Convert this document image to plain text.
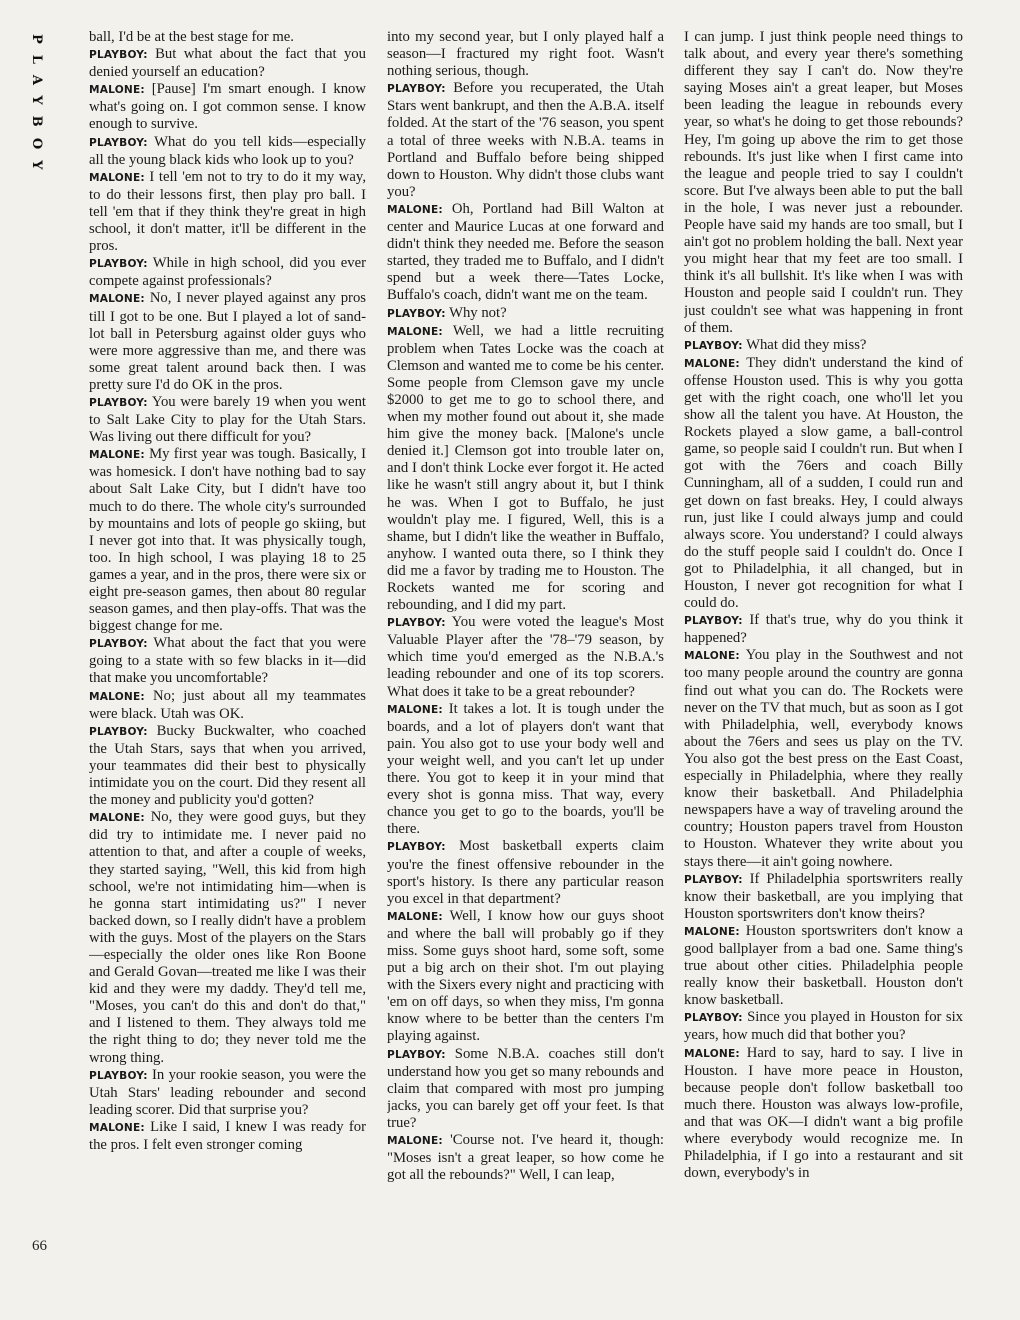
PLAYBOY	ball, I'd be at the best stage for me.

PLAYBOY: But what about the fact that you denied yourself an education?

MALONE: [Pause] I'm smart enough. I know what's going on. I got common sense. I know enough to survive.

PLAYBOY: What do you tell kids—especially all the young black kids who look up to you?

MALONE: I tell 'em not to try to do it my way, to do their lessons first, then play pro ball. I tell 'em that if they think they're great in high school, it don't matter, it'll be different in the pros.

PLAYBOY: While in high school, did you ever compete against professionals?

MALONE: No, I never played against any pros till I got to be one. But I played a lot of sand-lot ball in Petersburg against older guys who were more aggressive than me, and there was some great talent around back then. I was pretty sure I'd do OK in the pros.

PLAYBOY: You were barely 19 when you went to Salt Lake City to play for the Utah Stars. Was living out there difficult for you?

MALONE: My first year was tough. Basically, I was homesick. I don't have nothing bad to say about Salt Lake City, but I didn't have too much to do there. The whole city's surrounded by mountains and lots of people go skiing, but I never got into that. It was physically tough, too. In high school, I was playing 18 to 25 games a year, and in the pros, there were six or eight pre-season games, then about 80 regular season games, and then play-offs. That was the biggest change for me.

PLAYBOY: What about the fact that you were going to a state with so few blacks in it—did that make you uncomfortable?

MALONE: No; just about all my teammates were black. Utah was OK.

PLAYBOY: Bucky Buckwalter, who coached the Utah Stars, says that when you arrived, your teammates did their best to physically intimidate you on the court. Did they resent all the money and publicity you'd gotten?

MALONE: No, they were good guys, but they did try to intimidate me. I never paid no attention to that, and after a couple of weeks, they started saying, "Well, this kid from high school, we're not intimidating him—when is he gonna start intimidating us?" I never backed down, so I really didn't have a problem with the guys. Most of the players on the Stars—especially the older ones like Ron Boone and Gerald Govan—treated me like I was their kid and they were my daddy. They'd tell me, "Moses, you can't do this and don't do that," and I listened to them. They always told me the right thing to do; they never told me the wrong thing.

PLAYBOY: In your rookie season, you were the Utah Stars' leading rebounder and second leading scorer. Did that surprise you?

MALONE: Like I said, I knew I was ready for the pros. I felt even stronger coming

into my second year, but I only played half a season—I fractured my right foot. Wasn't nothing serious, though.

PLAYBOY: Before you recuperated, the Utah Stars went bankrupt, and then the A.B.A. itself folded. At the start of the '76 season, you spent a total of three weeks with N.B.A. teams in Portland and Buffalo before being shipped down to Houston. Why didn't those clubs want you?

MALONE: Oh, Portland had Bill Walton at center and Maurice Lucas at one forward and didn't think they needed me. Before the season started, they traded me to Buffalo, and I didn't spend but a week there—Tates Locke, Buffalo's coach, didn't want me on the team.

PLAYBOY: Why not?

MALONE: Well, we had a little recruiting problem when Tates Locke was the coach at Clemson and wanted me to come be his center. Some people from Clemson gave my uncle $2000 to get me to go to school there, and when my mother found out about it, she made him give the money back. [Malone's uncle denied it.] Clemson got into trouble later on, and I don't think Locke ever forgot it. He acted like he wasn't still angry about it, but I think he was. When I got to Buffalo, he just wouldn't play me. I figured, Well, this is a shame, but I didn't like the weather in Buffalo, anyhow. I wanted outa there, so I think they did me a favor by trading me to Houston. The Rockets wanted me for scoring and rebounding, and I did my part.

PLAYBOY: You were voted the league's Most Valuable Player after the '78–'79 season, by which time you'd emerged as the N.B.A.'s leading rebounder and one of its top scorers. What does it take to be a great rebounder?

MALONE: It takes a lot. It is tough under the boards, and a lot of players don't want that pain. You also got to use your body well and your weight well, and you can't let up under there. You got to keep it in your mind that every shot is gonna miss. That way, every chance you get to go to the boards, you'll be there.

PLAYBOY: Most basketball experts claim you're the finest offensive rebounder in the sport's history. Is there any particular reason you excel in that department?

MALONE: Well, I know how our guys shoot and where the ball will probably go if they miss. Some guys shoot hard, some soft, some put a big arch on their shot. I'm out playing with the Sixers every night and practicing with 'em on off days, so when they miss, I'm gonna know where to be better than the centers I'm playing against.

PLAYBOY: Some N.B.A. coaches still don't understand how you get so many rebounds and claim that compared with most pro jumping jacks, you can barely get off your feet. Is that true?

MALONE: 'Course not. I've heard it, though: "Moses isn't a great leaper, so how come he got all the rebounds?" Well, I can leap,

I can jump. I just think people need things to talk about, and every year there's something different they say I can't do. Now they're saying Moses ain't a great leaper, but Moses been leading the league in rebounds every year, so what's he doing to get those rebounds? Hey, I'm going up above the rim to get those rebounds. It's just like when I first came into the league and people tried to say I couldn't score. But I've always been able to put the ball in the hole, I was never just a rebounder. People have said my hands are too small, but I ain't got no problem holding the ball. Next year you might hear that my feet are too small. I think it's all bullshit. It's like when I was with Houston and people said I couldn't run. They just couldn't see what was happening in front of them.

PLAYBOY: What did they miss?

MALONE: They didn't understand the kind of offense Houston used. This is why you gotta get with the right coach, one who'll let you show all the talent you have. At Houston, the Rockets played a slow game, a ball-control game, so people said I couldn't run. But when I got with the 76ers and coach Billy Cunningham, all of a sudden, I could run and get down on fast breaks. Hey, I could always run, just like I could always jump and could always score. You understand? I could always do the stuff people said I couldn't do. Once I got to Philadelphia, it all changed, but in Houston, I never got recognition for what I could do.

PLAYBOY: If that's true, why do you think it happened?

MALONE: You play in the Southwest and not too many people around the country are gonna find out what you can do. The Rockets were never on the TV that much, but as soon as I got with Philadelphia, well, everybody knows about the 76ers and sees us play on the TV. You also got the best press on the East Coast, especially in Philadelphia, where they really know their basketball. And Philadelphia newspapers have a way of traveling around the country; Houston papers travel from Houston to Houston. Whatever they write about you stays there—it ain't going nowhere.

PLAYBOY: If Philadelphia sportswriters really know their basketball, are you implying that Houston sportswriters don't know theirs?

MALONE: Houston sportswriters don't know a good ballplayer from a bad one. Same thing's true about other cities. Philadelphia people really know their basketball. Houston don't know basketball.

PLAYBOY: Since you played in Houston for six years, how much did that bother you?

MALONE: Hard to say, hard to say. I live in Houston. I have more peace in Houston, because people don't follow basketball too much there. Houston was always low-profile, and that was OK—I didn't want a big profile where everybody would recognize me. In Philadelphia, if I go into a restaurant and sit down, everybody's in

66
